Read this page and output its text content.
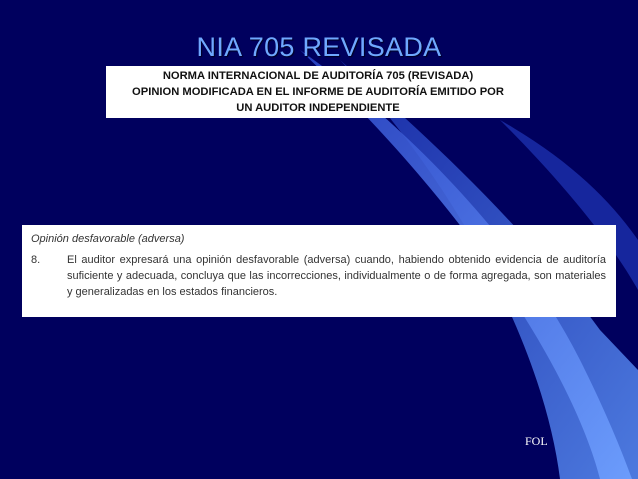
NIA 705 REVISADA
NORMA INTERNACIONAL DE AUDITORÍA 705 (REVISADA)
OPINION MODIFICADA EN EL INFORME DE AUDITORÍA EMITIDO POR
UN AUDITOR INDEPENDIENTE
Opinión desfavorable (adversa)
8.	El auditor expresará una opinión desfavorable (adversa) cuando, habiendo obtenido evidencia de auditoría suficiente y adecuada, concluya que las incorrecciones, individualmente o de forma agregada, son materiales y generalizadas en los estados financieros.
FOL
